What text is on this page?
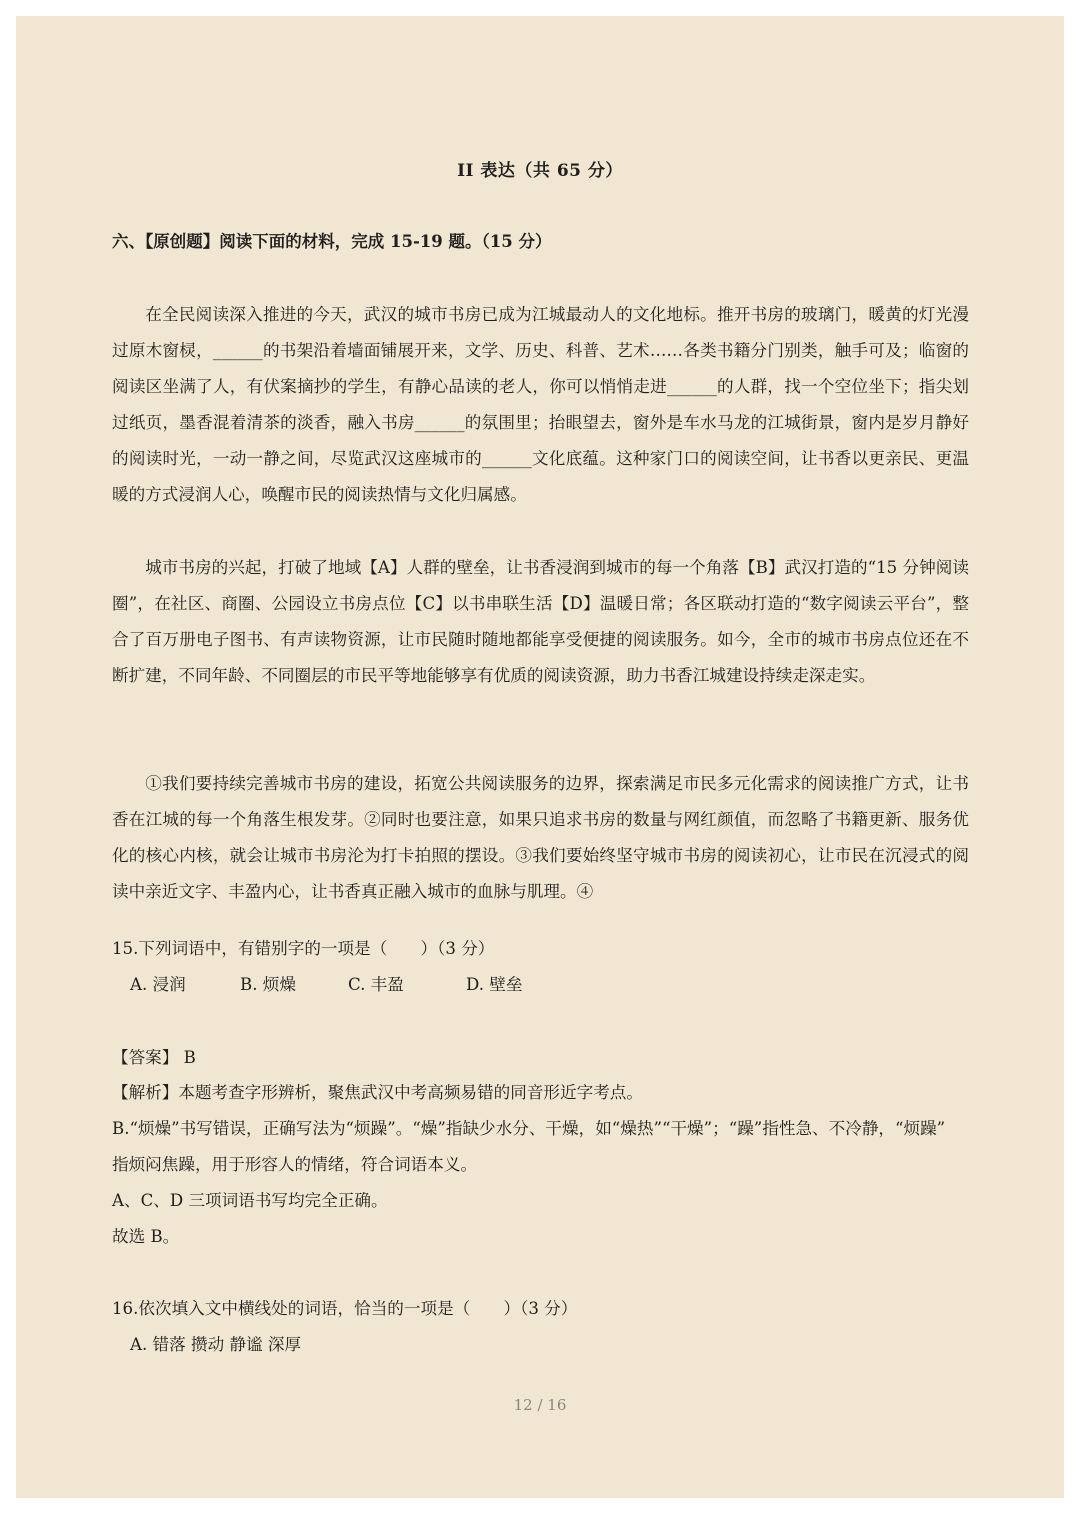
II 表达（共 65 分）
六、【原创题】阅读下面的材料，完成 15-19 题。（15 分）

在全民阅读深入推进的今天，武汉的城市书房已成为江城最动人的文化地标。推开书房的玻璃门，暖黄的灯光漫过原木窗棂，______的书架沿着墙面铺展开来，文学、历史、科普、艺术……各类书籍分门别类，触手可及；临窗的阅读区坐满了人，有伏案摘抄的学生，有静心品读的老人，你可以悄悄走进______的人群，找一个空位坐下；指尖划过纸页，墨香混着清茶的淡香，融入书房______的氛围里；抬眼望去，窗外是车水马龙的江城街景，窗内是岁月静好的阅读时光，一动一静之间，尽览武汉这座城市的______文化底蕴。这种家门口的阅读空间，让书香以更亲民、更温暖的方式浸润人心，唤醒市民的阅读热情与文化归属感。

城市书房的兴起，打破了地域【A】人群的壁垒，让书香浸润到城市的每一个角落【B】武汉打造的“15 分钟阅读圈”，在社区、商圈、公园设立书房点位【C】以书串联生活【D】温暖日常；各区联动打造的“数字阅读云平台”，整合了百万册电子图书、有声读物资源，让市民随时随地都能享受便捷的阅读服务。如今，全市的城市书房点位还在不断扩建，不同年龄、不同圈层的市民平等地能够享有优质的阅读资源，助力书香江城建设持续走深走实。

①我们要持续完善城市书房的建设，拓宽公共阅读服务的边界，探索满足市民多元化需求的阅读推广方式，让书香在江城的每一个角落生根发芽。②同时也要注意，如果只追求书房的数量与网红颜值，而忽略了书籍更新、服务优化的核心内核，就会让城市书房沦为打卡拍照的摆设。③我们要始终坚守城市书房的阅读初心，让市民在沉浸式的阅读中亲近文字、丰盈内心，让书香真正融入城市的血脉与肌理。④

15.下列词语中，有错别字的一项是（　　）（3 分）
A. 浸润	B. 烦燥	C. 丰盈	D. 壁垒
【答案】 B
【解析】本题考查字形辨析，聚焦武汉中考高频易错的同音形近字考点。
B.“烦燥”书写错误，正确写法为“烦躁”。“燥”指缺少水分、干燥，如“燥热”“干燥”；“躁”指性急、不冷静，“烦躁”
指烦闷焦躁，用于形容人的情绪，符合词语本义。
A、C、D 三项词语书写均完全正确。
故选 B。
16.依次填入文中横线处的词语，恰当的一项是（　　）（3 分）
A. 错落 攒动 静谧 深厚
12 / 16
